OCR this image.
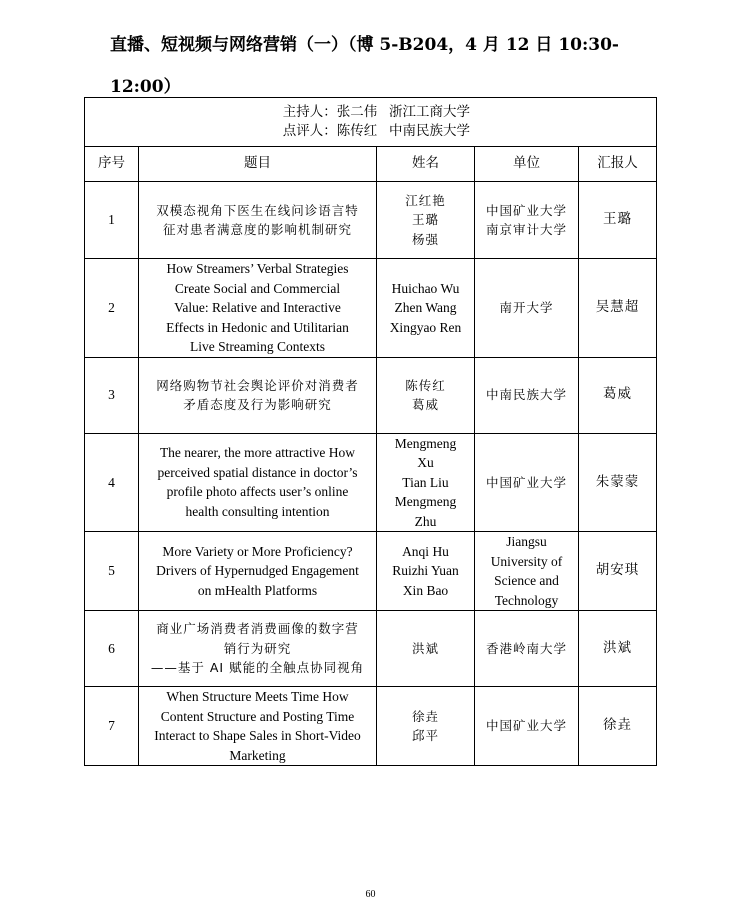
直播、短视频与网络营销（一）（博 5-B204，4 月 12 日 10:30-12:00）
主持人：张二伟 浙江工商大学
点评人：陈传红 中南民族大学				

序号	题目	姓名	单位	汇报人
1	双模态视角下医生在线问诊语言特
征对患者满意度的影响机制研究	江红艳
王璐
杨强	中国矿业大学
南京审计大学	王璐
2	How Streamers’ Verbal Strategies
Create Social and Commercial
Value: Relative and Interactive
Effects in Hedonic and Utilitarian
Live Streaming Contexts	Huichao Wu
Zhen Wang
Xingyao Ren	南开大学	吴慧超
3	网络购物节社会舆论评价对消费者
矛盾态度及行为影响研究	陈传红
葛威	中南民族大学	葛威
4	The nearer, the more attractive How
perceived spatial distance in doctor’s
profile photo affects user’s online
health consulting intention	Mengmeng
Xu
Tian Liu
Mengmeng
Zhu	中国矿业大学	朱蒙蒙
5	More Variety or More Proficiency?
Drivers of Hypernudged Engagement
on mHealth Platforms	Anqi Hu
Ruizhi Yuan
Xin Bao	Jiangsu
University of
Science and
Technology	胡安琪
6	商业广场消费者消费画像的数字营
销行为研究
——基于 AI 赋能的全触点协同视角	洪斌	香港岭南大学	洪斌
7	When Structure Meets Time How
Content Structure and Posting Time
Interact to Shape Sales in Short-Video
Marketing	徐垚
邱平	中国矿业大学	徐垚
60
